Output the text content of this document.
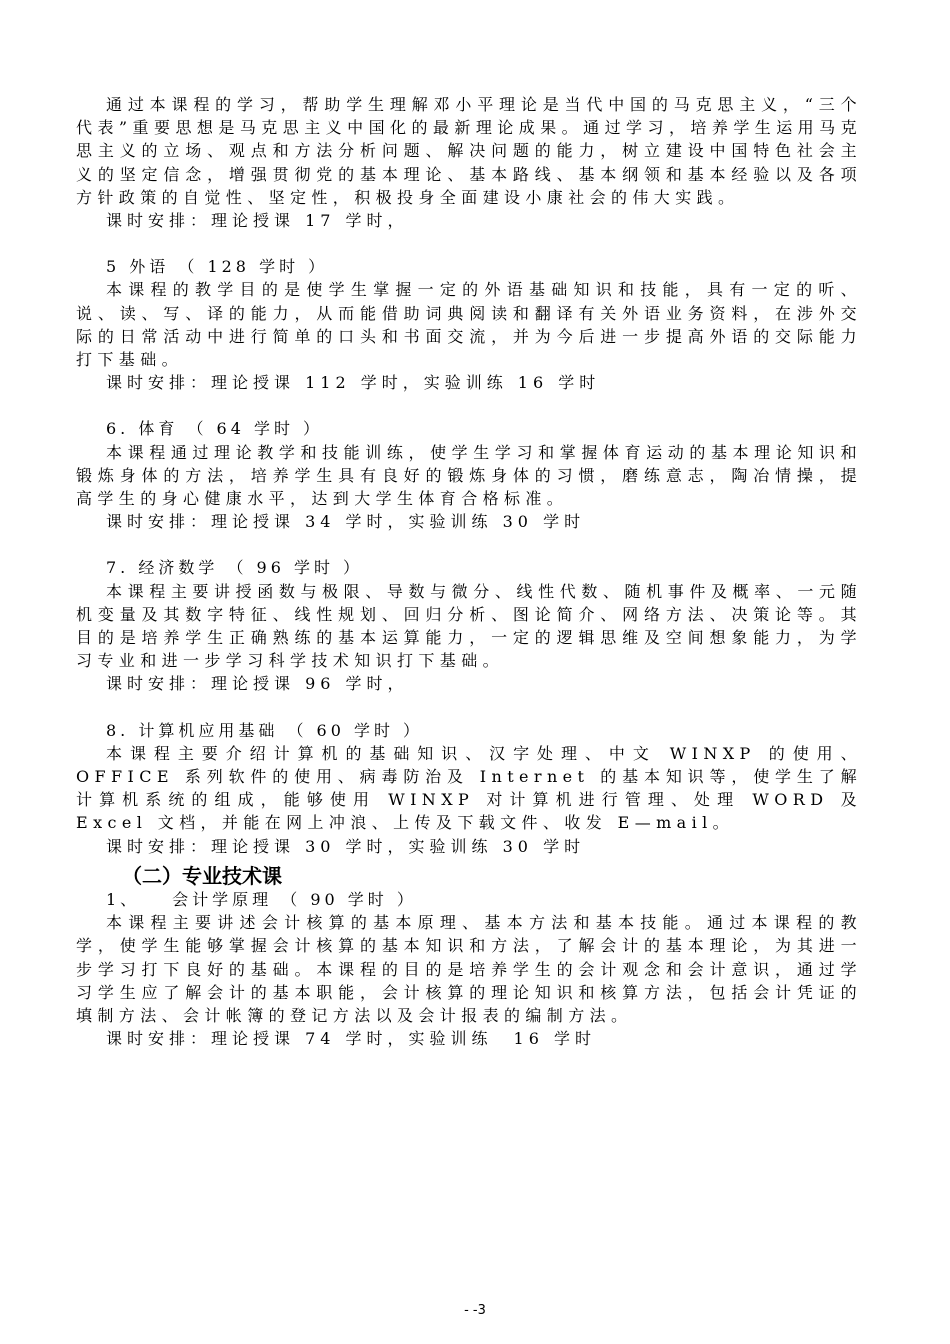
通过本课程的学习，帮助学生理解邓小平理论是当代中国的马克思主义，“三个代表”重要思想是马克思主义中国化的最新理论成果。通过学习，培养学生运用马克思主义的立场、观点和方法分析问题、解决问题的能力，树立建设中国特色社会主义的坚定信念，增强贯彻党的基本理论、基本路线、基本纲领和基本经验以及各项方针政策的自觉性、坚定性，积极投身全面建设小康社会的伟大实践。

课时安排：理论授课 17 学时，

5 外语 （ 128 学时 ）

本课程的教学目的是使学生掌握一定的外语基础知识和技能，具有一定的听、说、读、写、译的能力，从而能借助词典阅读和翻译有关外语业务资料，在涉外交际的日常活动中进行简单的口头和书面交流，并为今后进一步提高外语的交际能力打下基础。

课时安排：理论授课 112 学时，实验训练 16 学时

6. 体育 （ 64 学时 ）

本课程通过理论教学和技能训练，使学生学习和掌握体育运动的基本理论知识和锻炼身体的方法，培养学生具有良好的锻炼身体的习惯，磨练意志，陶冶情操，提高学生的身心健康水平，达到大学生体育合格标准。

课时安排：理论授课 34 学时，实验训练 30 学时

7. 经济数学 （ 96 学时 ）

本课程主要讲授函数与极限、导数与微分、线性代数、随机事件及概率、一元随机变量及其数字特征、线性规划、回归分析、图论简介、网络方法、决策论等。其目的是培养学生正确熟练的基本运算能力，一定的逻辑思维及空间想象能力，为学习专业和进一步学习科学技术知识打下基础。

课时安排：理论授课 96 学时，

8. 计算机应用基础 （ 60 学时 ）

本课程主要介绍计算机的基础知识、汉字处理、中文 WINXP 的使用、OFFICE 系列软件的使用、病毒防治及 Internet 的基本知识等，使学生了解计算机系统的组成，能够使用 WINXP 对计算机进行管理、处理 WORD 及 Excel 文档，并能在网上冲浪、上传及下载文件、收发 E—mail。

课时安排：理论授课 30 学时，实验训练 30 学时

（二）专业技术课

1、　　会计学原理 （ 90 学时 ）

本课程主要讲述会计核算的基本原理、基本方法和基本技能。通过本课程的教学，使学生能够掌握会计核算的基本知识和方法，了解会计的基本理论，为其进一步学习打下良好的基础。本课程的目的是培养学生的会计观念和会计意识，通过学习学生应了解会计的基本职能，会计核算的理论知识和核算方法，包括会计凭证的填制方法、会计帐簿的登记方法以及会计报表的编制方法。

课时安排：理论授课 74 学时，实验训练　16 学时

- -3
